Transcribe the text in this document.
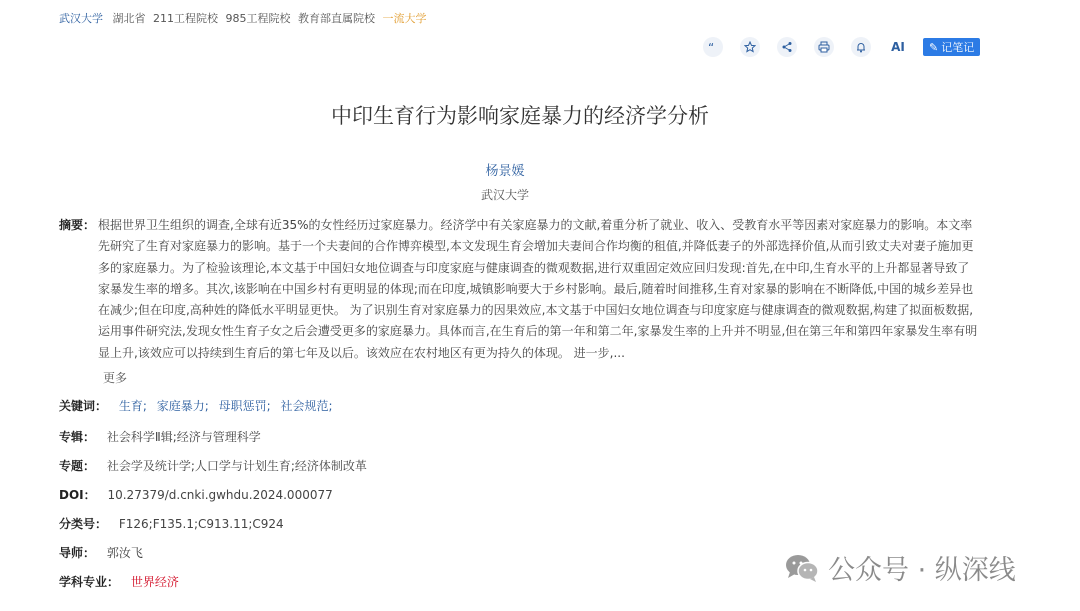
武汉大学 湖北省 211工程院校 985工程院校 教育部直属院校 一流大学
“	AI ✎ 记笔记
中印生育行为影响家庭暴力的经济学分析
杨景媛
武汉大学
摘要： 根据世界卫生组织的调查,全球有近35%的女性经历过家庭暴力。经济学中有关家庭暴力的文献,着重分析了就业、收入、受教育水平等因素对家庭暴力的影响。本文率先研究了生育对家庭暴力的影响。基于一个夫妻间的合作博弈模型,本文发现生育会增加夫妻间合作均衡的租值,并降低妻子的外部选择价值,从而引致丈夫对妻子施加更多的家庭暴力。为了检验该理论,本文基于中国妇女地位调查与印度家庭与健康调查的微观数据,进行双重固定效应回归发现:首先,在中印,生育水平的上升都显著导致了家暴发生率的增多。其次,该影响在中国乡村有更明显的体现;而在印度,城镇影响要大于乡村影响。最后,随着时间推移,生育对家暴的影响在不断降低,中国的城乡差异也在减少;但在印度,高种姓的降低水平明显更快。 为了识别生育对家庭暴力的因果效应,本文基于中国妇女地位调查与印度家庭与健康调查的微观数据,构建了拟面板数据,运用事件研究法,发现女性生育子女之后会遭受更多的家庭暴力。具体而言,在生育后的第一年和第二年,家暴发生率的上升并不明显,但在第三年和第四年家暴发生率有明显上升,该效应可以持续到生育后的第七年及以后。该效应在农村地区有更为持久的体现。 进一步,...
更多
关键词： 生育; 家庭暴力; 母职惩罚; 社会规范;
专辑： 社会科学Ⅱ辑;经济与管理科学
专题： 社会学及统计学;人口学与计划生育;经济体制改革
DOI： 10.27379/d.cnki.gwhdu.2024.000077
分类号： F126;F135.1;C913.11;C924
导师： 郭汝飞
学科专业： 世界经济	公众号 · 纵深线
